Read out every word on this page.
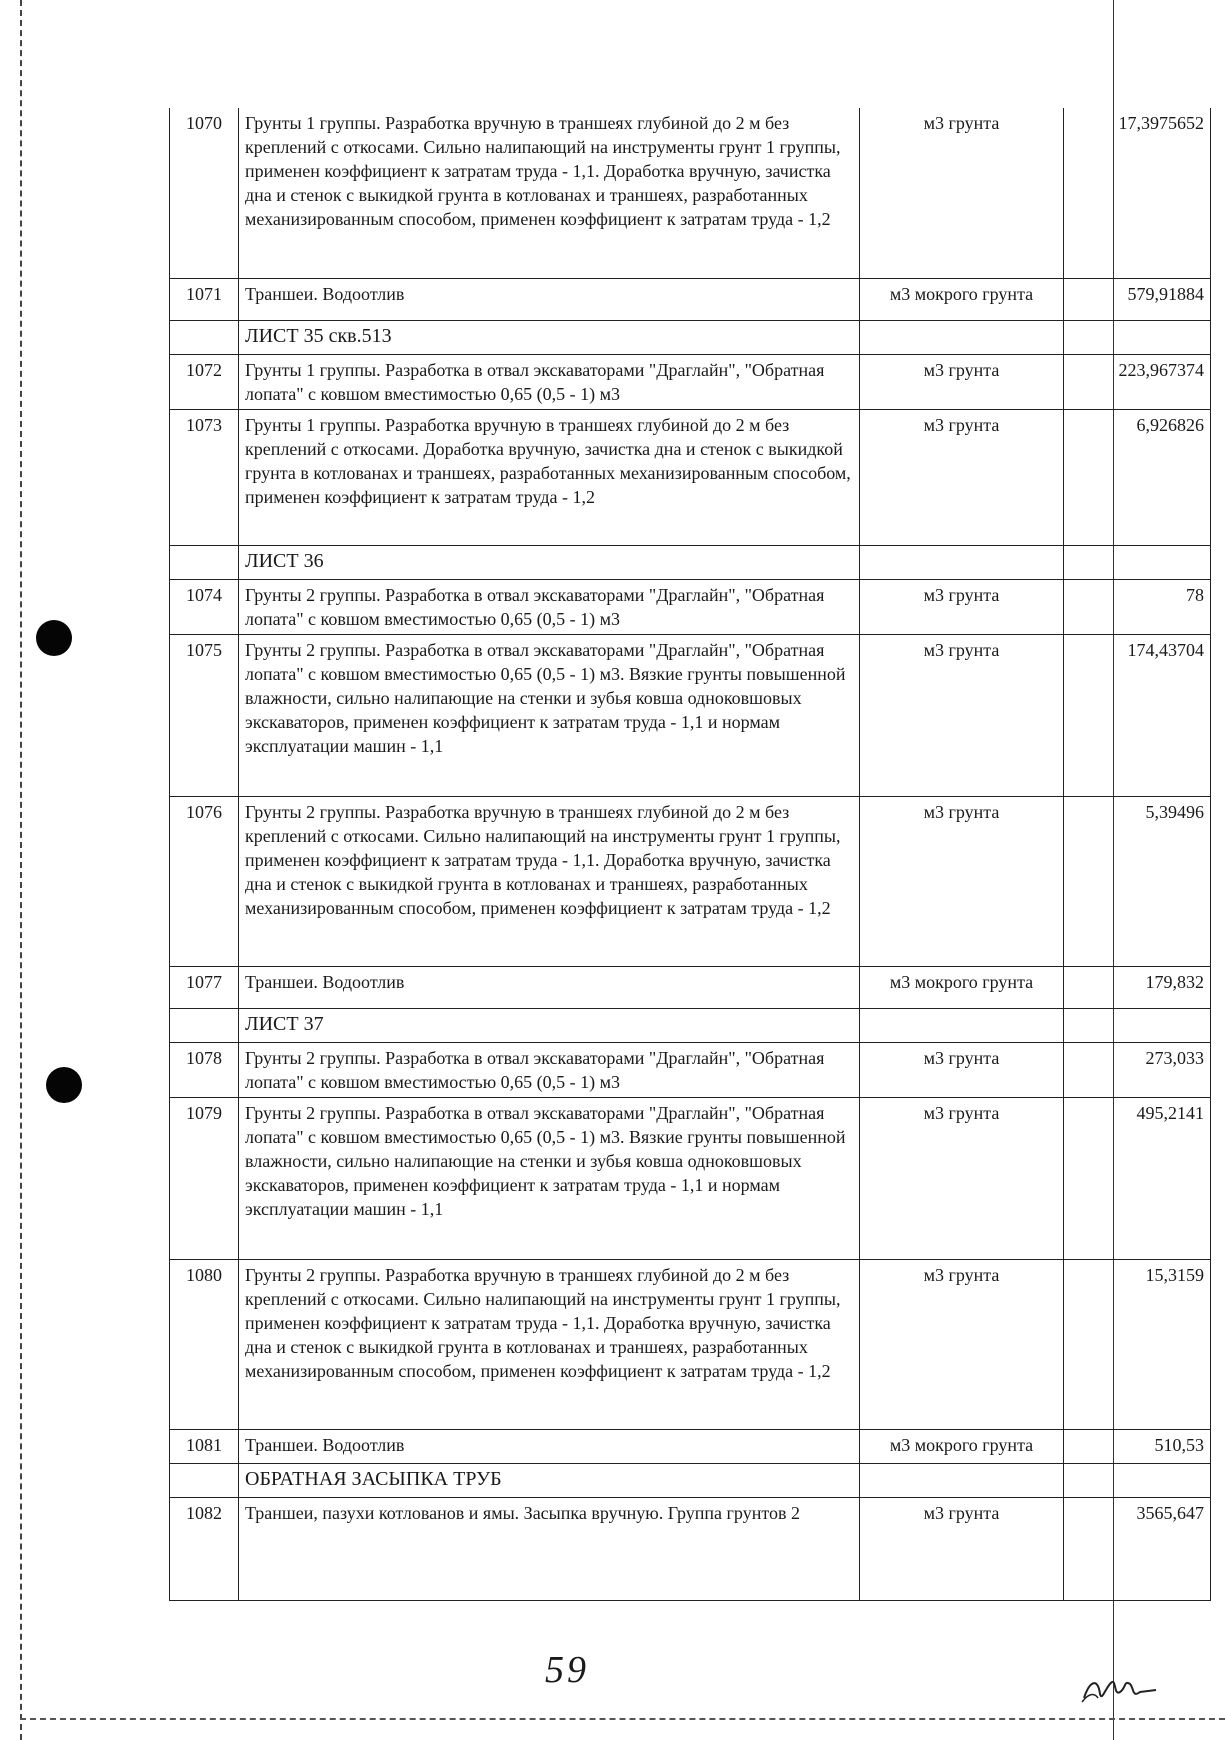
1070	Грунты 1 группы. Разработка вручную в траншеях глубиной до 2 м без креплений с откосами. Сильно налипающий на инструменты грунт 1 группы, применен коэффициент к затратам труда - 1,1. Доработка вручную, зачистка дна и стенок с выкидкой грунта в котлованах и траншеях, разработанных механизированным способом, применен коэффициент к затратам труда - 1,2	м3 грунта	17,3975652
1071	Траншеи. Водоотлив	м3 мокрого грунта	579,91884
	ЛИСТ 35 скв.513		
1072	Грунты 1 группы. Разработка в отвал экскаваторами "Драглайн", "Обратная лопата" с ковшом вместимостью 0,65 (0,5 - 1) м3	м3 грунта	223,967374
1073	Грунты 1 группы. Разработка вручную в траншеях глубиной до 2 м без креплений с откосами. Доработка вручную, зачистка дна и стенок с выкидкой грунта в котлованах и траншеях, разработанных механизированным способом, применен коэффициент к затратам труда - 1,2	м3 грунта	6,926826
	ЛИСТ 36		
1074	Грунты 2 группы. Разработка в отвал экскаваторами "Драглайн", "Обратная лопата" с ковшом вместимостью 0,65 (0,5 - 1) м3	м3 грунта	78
1075	Грунты 2 группы. Разработка в отвал экскаваторами "Драглайн", "Обратная лопата" с ковшом вместимостью 0,65 (0,5 - 1) м3. Вязкие грунты повышенной влажности, сильно налипающие на стенки и зубья ковша одноковшовых экскаваторов, применен коэффициент к затратам труда - 1,1 и нормам эксплуатации машин - 1,1	м3 грунта	174,43704
1076	Грунты 2 группы. Разработка вручную в траншеях глубиной до 2 м без креплений с откосами. Сильно налипающий на инструменты грунт 1 группы, применен коэффициент к затратам труда - 1,1. Доработка вручную, зачистка дна и стенок с выкидкой грунта в котлованах и траншеях, разработанных механизированным способом, применен коэффициент к затратам труда - 1,2	м3 грунта	5,39496
1077	Траншеи. Водоотлив	м3 мокрого грунта	179,832
	ЛИСТ 37		
1078	Грунты 2 группы. Разработка в отвал экскаваторами "Драглайн", "Обратная лопата" с ковшом вместимостью 0,65 (0,5 - 1) м3	м3 грунта	273,033
1079	Грунты 2 группы. Разработка в отвал экскаваторами "Драглайн", "Обратная лопата" с ковшом вместимостью 0,65 (0,5 - 1) м3. Вязкие грунты повышенной влажности, сильно налипающие на стенки и зубья ковша одноковшовых экскаваторов, применен коэффициент к затратам труда - 1,1 и нормам эксплуатации машин - 1,1	м3 грунта	495,2141
1080	Грунты 2 группы. Разработка вручную в траншеях глубиной до 2 м без креплений с откосами. Сильно налипающий на инструменты грунт 1 группы, применен коэффициент к затратам труда - 1,1. Доработка вручную, зачистка дна и стенок с выкидкой грунта в котлованах и траншеях, разработанных механизированным способом, применен коэффициент к затратам труда - 1,2	м3 грунта	15,3159
1081	Траншеи. Водоотлив	м3 мокрого грунта	510,53
	ОБРАТНАЯ ЗАСЫПКА ТРУБ		
1082	Траншеи, пазухи котлованов и ямы. Засыпка вручную. Группа грунтов 2	м3 грунта	3565,647
59
